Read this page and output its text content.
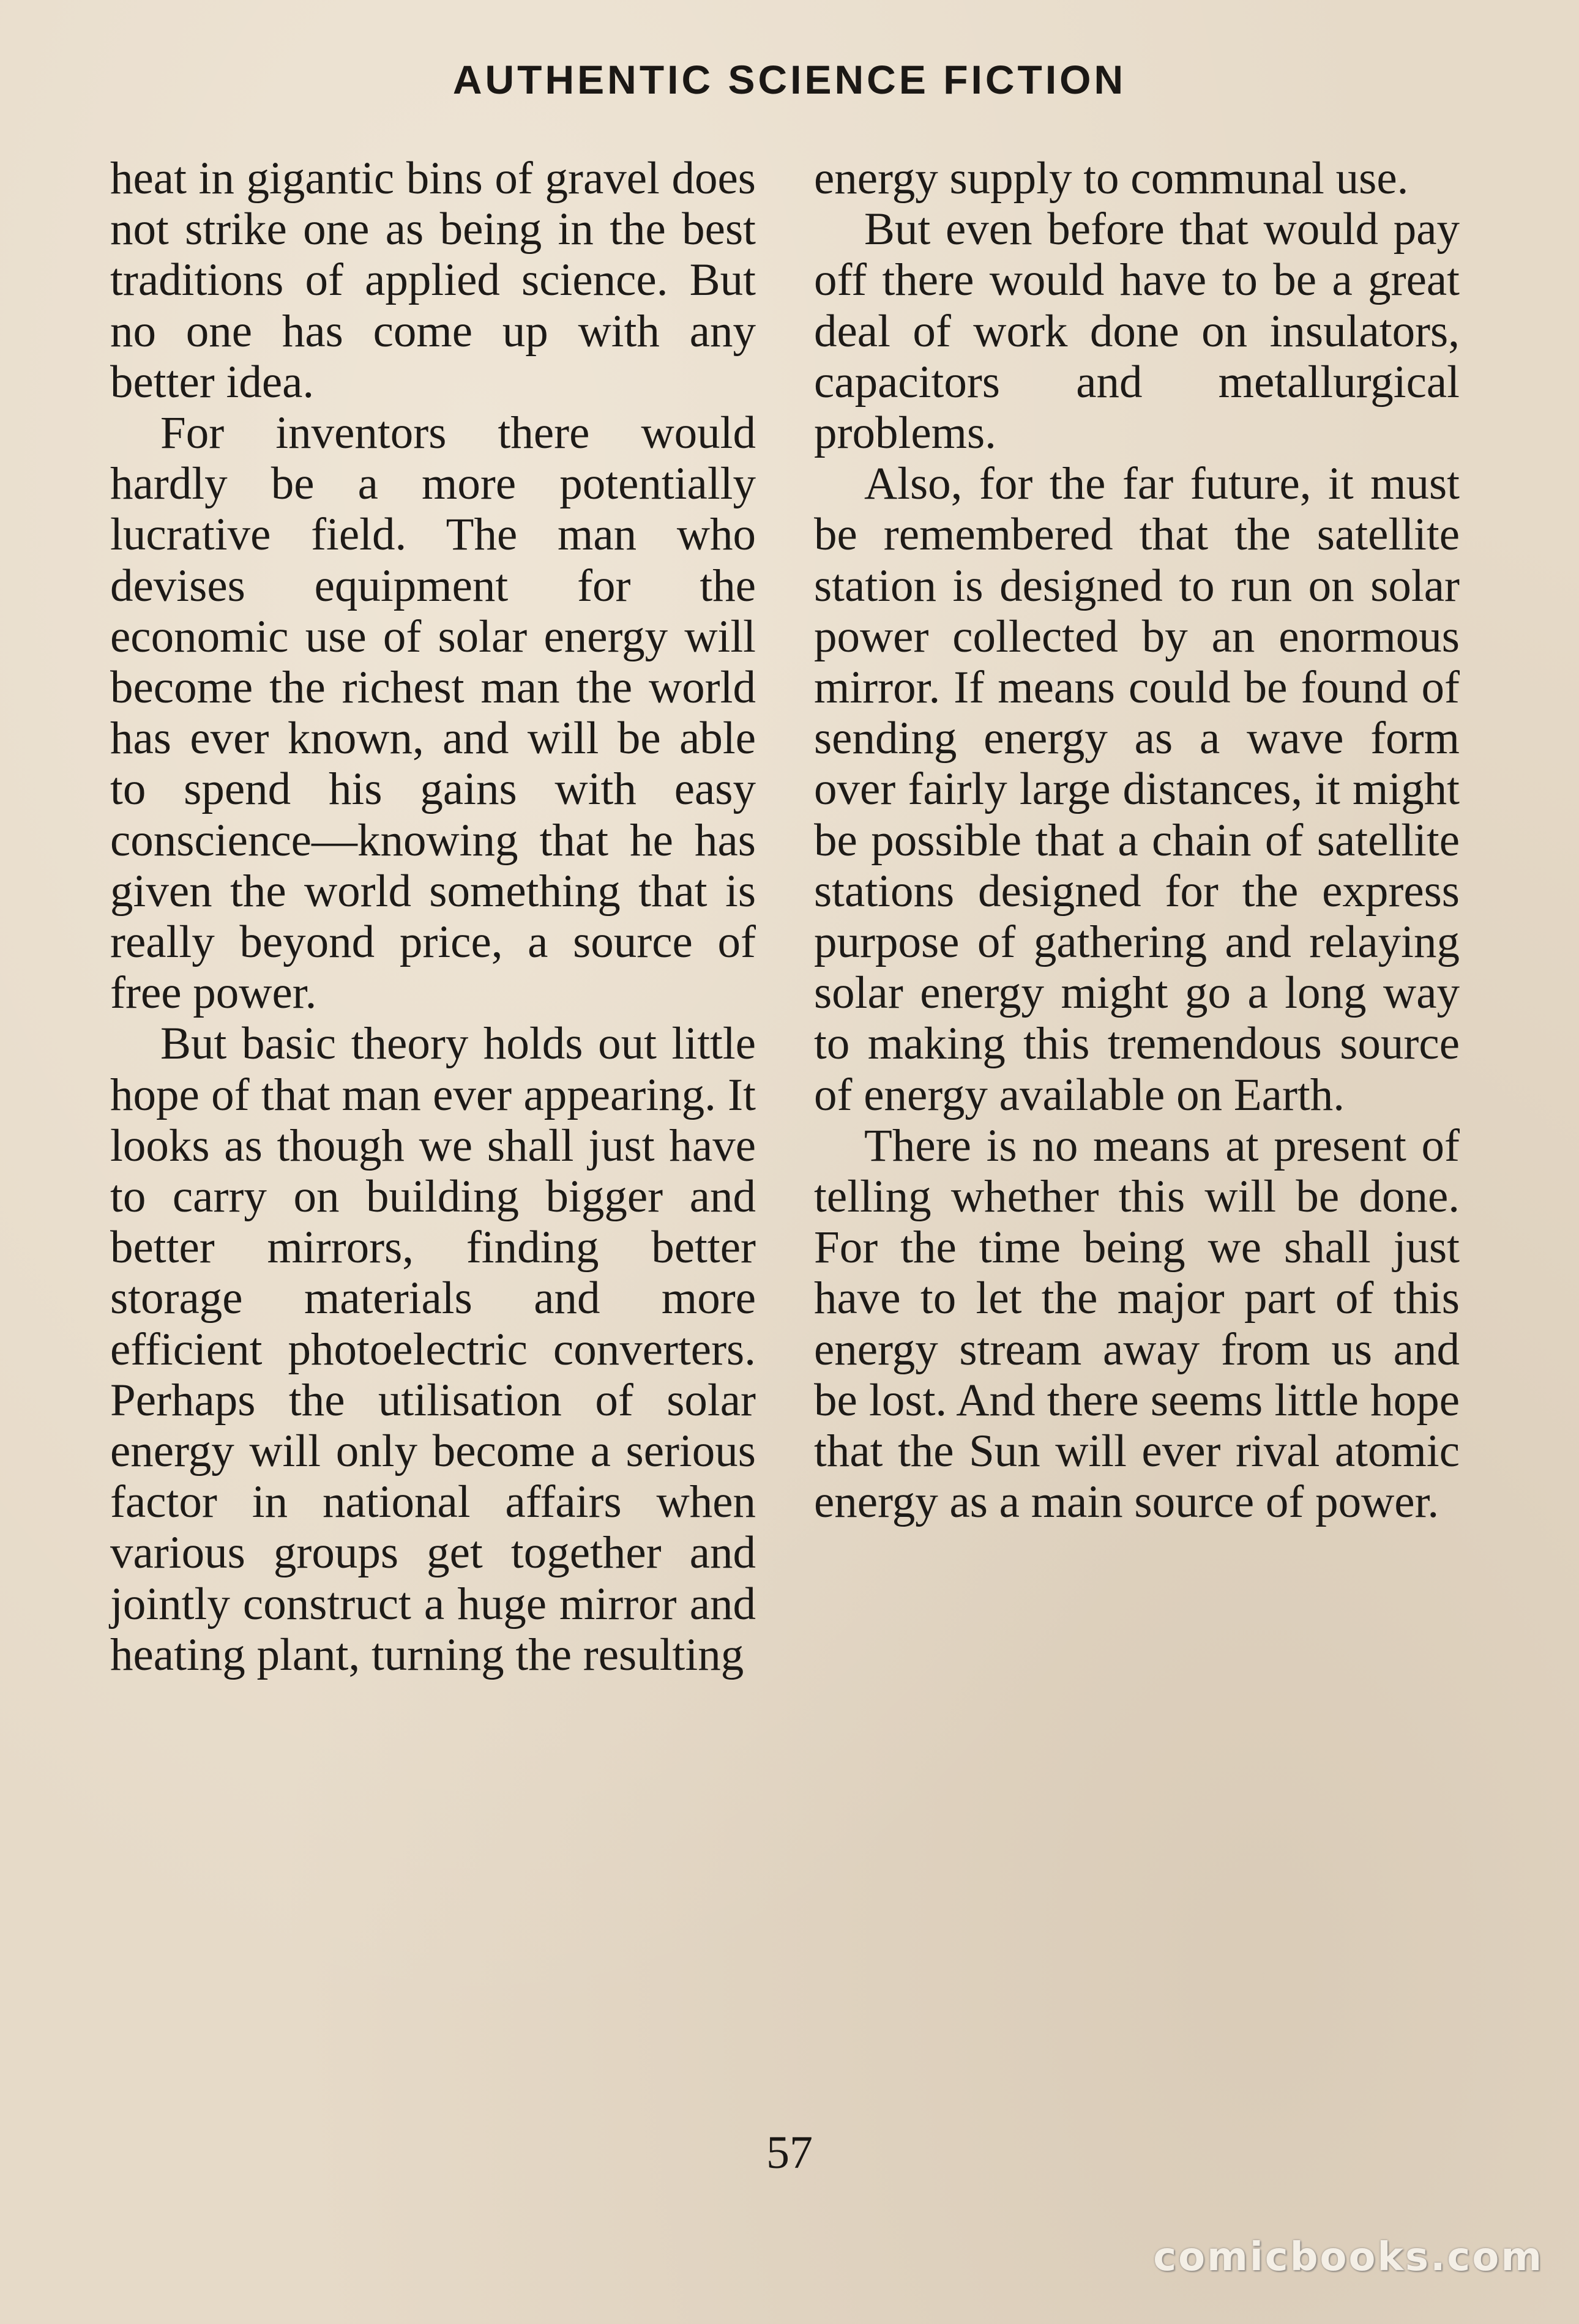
AUTHENTIC SCIENCE FICTION

heat in gigantic bins of gravel does not strike one as being in the best traditions of applied science. But no one has come up with any better idea.

For inventors there would hardly be a more potentially lucrative field. The man who devises equipment for the economic use of solar energy will become the richest man the world has ever known, and will be able to spend his gains with easy conscience—knowing that he has given the world something that is really beyond price, a source of free power.

But basic theory holds out little hope of that man ever appearing. It looks as though we shall just have to carry on building bigger and better mirrors, finding better storage materials and more efficient photoelectric converters. Perhaps the utilisation of solar energy will only become a serious factor in national affairs when various groups get together and jointly construct a huge mirror and heating plant, turning the resulting

energy supply to communal use.

But even before that would pay off there would have to be a great deal of work done on insulators, capacitors and metallurgical problems.

Also, for the far future, it must be remembered that the satellite station is designed to run on solar power collected by an enormous mirror. If means could be found of sending energy as a wave form over fairly large distances, it might be possible that a chain of satellite stations designed for the express purpose of gathering and relaying solar energy might go a long way to making this tremendous source of energy available on Earth.

There is no means at present of telling whether this will be done. For the time being we shall just have to let the major part of this energy stream away from us and be lost. And there seems little hope that the Sun will ever rival atomic energy as a main source of power.

57
comicbooks.com
